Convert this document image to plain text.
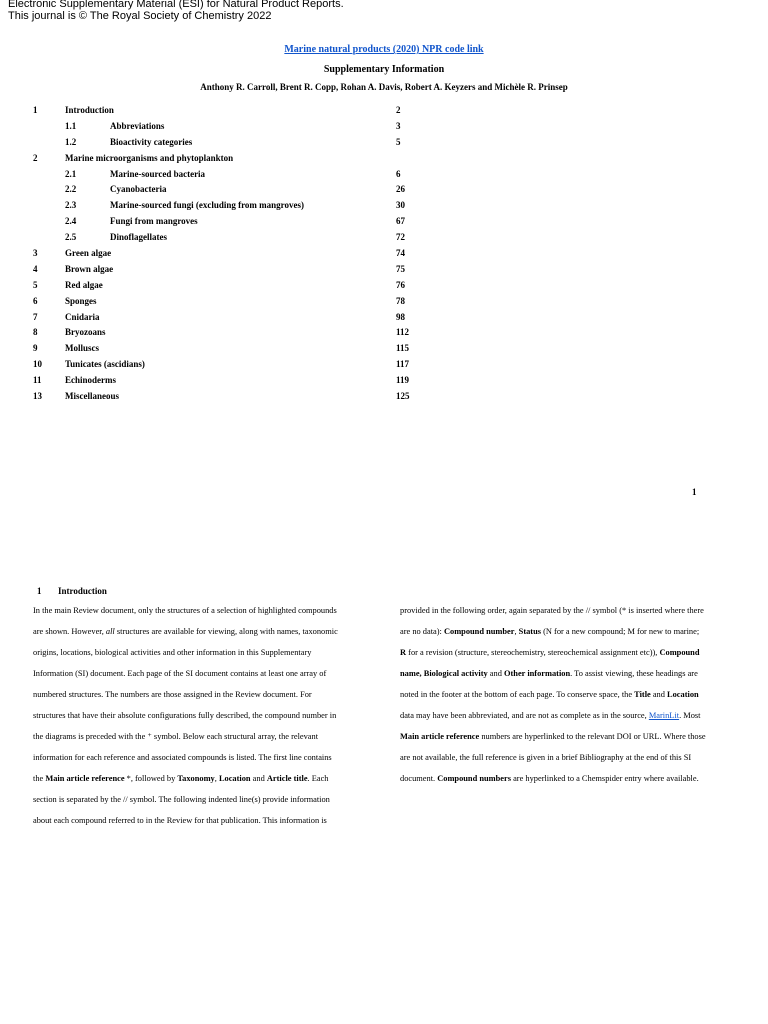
Electronic Supplementary Material (ESI) for Natural Product Reports.
This journal is © The Royal Society of Chemistry 2022
Marine natural products (2020) NPR code link
Supplementary Information
Anthony R. Carroll, Brent R. Copp, Rohan A. Davis, Robert A. Keyzers and Michèle R. Prinsep
1	Introduction	2
1.1	Abbreviations	3
1.2	Bioactivity categories	5
2	Marine microorganisms and phytoplankton
2.1	Marine-sourced bacteria	6
2.2	Cyanobacteria	26
2.3	Marine-sourced fungi (excluding from mangroves)	30
2.4	Fungi from mangroves	67
2.5	Dinoflagellates	72
3	Green algae	74
4	Brown algae	75
5	Red algae	76
6	Sponges	78
7	Cnidaria	98
8	Bryozoans	112
9	Molluscs	115
10	Tunicates (ascidians)	117
11	Echinoderms	119
13	Miscellaneous	125
1
1 Introduction
In the main Review document, only the structures of a selection of highlighted compounds
are shown. However, all structures are available for viewing, along with names, taxonomic
origins, locations, biological activities and other information in this Supplementary
Information (SI) document. Each page of the SI document contains at least one array of
numbered structures. The numbers are those assigned in the Review document. For
structures that have their absolute configurations fully described, the compound number in
the diagrams is preceded with the ⁺ symbol. Below each structural array, the relevant
information for each reference and associated compounds is listed. The first line contains
the Main article reference *, followed by Taxonomy, Location and Article title. Each
section is separated by the // symbol. The following indented line(s) provide information
about each compound referred to in the Review for that publication. This information is
provided in the following order, again separated by the // symbol (* is inserted where there
are no data): Compound number, Status (N for a new compound; M for new to marine;
R for a revision (structure, stereochemistry, stereochemical assignment etc)), Compound
name, Biological activity and Other information. To assist viewing, these headings are
noted in the footer at the bottom of each page. To conserve space, the Title and Location
data may have been abbreviated, and are not as complete as in the source, MarinLit. Most
Main article reference numbers are hyperlinked to the relevant DOI or URL. Where those
are not available, the full reference is given in a brief Bibliography at the end of this SI
document. Compound numbers are hyperlinked to a Chemspider entry where available.
